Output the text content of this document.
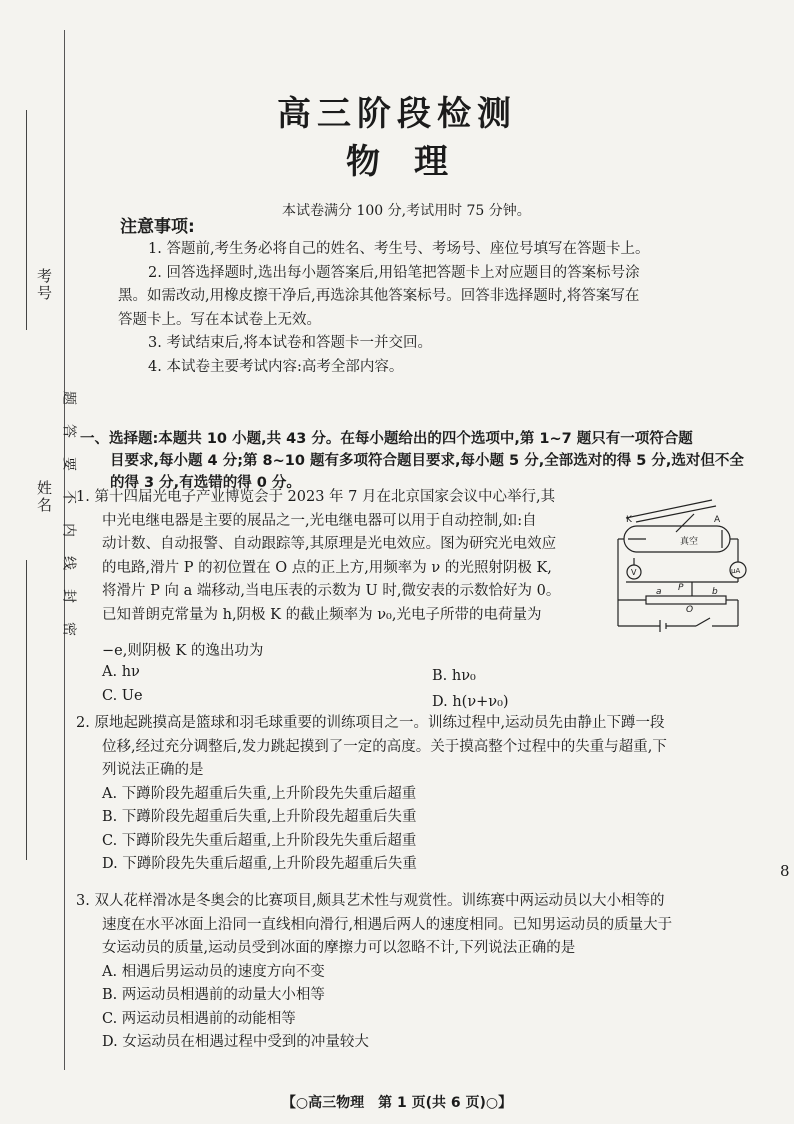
考号
姓名
题
答
要
不
内
线
封
密
高三阶段检测
物　理
本试卷满分 100 分,考试用时 75 分钟。
注意事项:

1. 答题前,考生务必将自己的姓名、考生号、考场号、座位号填写在答题卡上。

2. 回答选择题时,选出每小题答案后,用铅笔把答题卡上对应题目的答案标号涂

黑。如需改动,用橡皮擦干净后,再选涂其他答案标号。回答非选择题时,将答案写在

答题卡上。写在本试卷上无效。

3. 考试结束后,将本试卷和答题卡一并交回。

4. 本试卷主要考试内容:高考全部内容。

一、选择题:本题共 10 小题,共 43 分。在每小题给出的四个选项中,第 1~7 题只有一项符合题
目要求,每小题 4 分;第 8~10 题有多项符合题目要求,每小题 5 分,全部选对的得 5 分,选对但不全的得 3 分,有选错的得 0 分。

1. 第十四届光电子产业博览会于 2023 年 7 月在北京国家会议中心举行,其

中光电继电器是主要的展品之一,光电继电器可以用于自动控制,如:自

动计数、自动报警、自动跟踪等,其原理是光电效应。图为研究光电效应

的电路,滑片 P 的初位置在 O 点的正上方,用频率为 ν 的光照射阴极 K,

将滑片 P 向 a 端移动,当电压表的示数为 U 时,微安表的示数恰好为 0。

已知普朗克常量为 h,阴极 K 的截止频率为 ν₀,光电子所带的电荷量为

−e,则阴极 K 的逸出功为
A. hν	B. hν₀
C. Ue	D. h(ν+ν₀)
K	A
真空
V	μA
a P	b
O

2. 原地起跳摸高是篮球和羽毛球重要的训练项目之一。训练过程中,运动员先由静止下蹲一段

位移,经过充分调整后,发力跳起摸到了一定的高度。关于摸高整个过程中的失重与超重,下

列说法正确的是

A. 下蹲阶段先超重后失重,上升阶段先失重后超重

B. 下蹲阶段先超重后失重,上升阶段先超重后失重

C. 下蹲阶段先失重后超重,上升阶段先失重后超重

D. 下蹲阶段先失重后超重,上升阶段先超重后失重

3. 双人花样滑冰是冬奥会的比赛项目,颇具艺术性与观赏性。训练赛中两运动员以大小相等的

速度在水平冰面上沿同一直线相向滑行,相遇后两人的速度相同。已知男运动员的质量大于

女运动员的质量,运动员受到冰面的摩擦力可以忽略不计,下列说法正确的是

A. 相遇后男运动员的速度方向不变

B. 两运动员相遇前的动量大小相等

C. 两运动员相遇前的动能相等

D. 女运动员在相遇过程中受到的冲量较大

8
【○高三物理　第 1 页(共 6 页)○】
